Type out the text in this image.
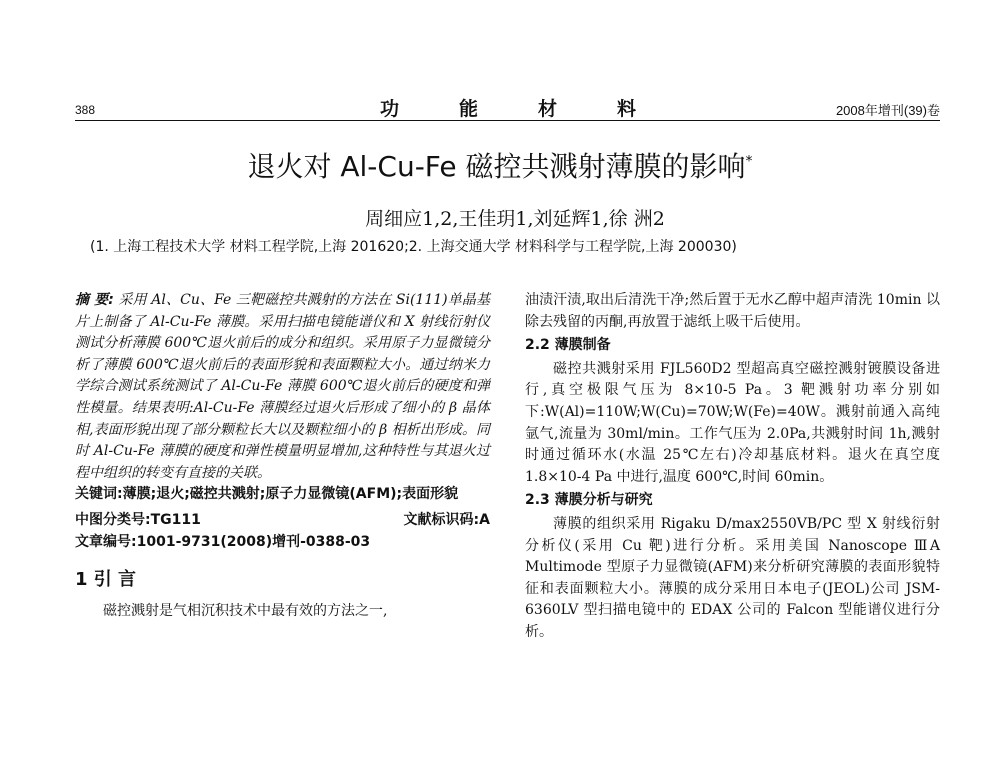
388	功能材料	2008年增刊(39)卷
退火对 Al-Cu-Fe 磁控共溅射薄膜的影响*
周细应1,2,王佳玥1,刘延辉1,徐 洲2
(1. 上海工程技术大学 材料工程学院,上海 201620;2. 上海交通大学 材料科学与工程学院,上海 200030)

摘 要: 采用 Al、Cu、Fe 三靶磁控共溅射的方法在 Si(111)单晶基片上制备了 Al-Cu-Fe 薄膜。采用扫描电镜能谱仪和 X 射线衍射仪测试分析薄膜 600℃退火前后的成分和组织。采用原子力显微镜分析了薄膜 600℃退火前后的表面形貌和表面颗粒大小。通过纳米力学综合测试系统测试了 Al-Cu-Fe 薄膜 600℃退火前后的硬度和弹性模量。结果表明:Al-Cu-Fe 薄膜经过退火后形成了细小的 β 晶体相,表面形貌出现了部分颗粒长大以及颗粒细小的 β 相析出形成。同时 Al-Cu-Fe 薄膜的硬度和弹性模量明显增加,这种特性与其退火过程中组织的转变有直接的关联。

关键词: 薄膜;退火;磁控共溅射;原子力显微镜(AFM);表面形貌
中图分类号:TG111	文献标识码:A
文章编号:1001-9731(2008)增刊-0388-03
1 引 言

磁控溅射是气相沉积技术中最有效的方法之一,

油渍汗渍,取出后清洗干净;然后置于无水乙醇中超声清洗 10min 以除去残留的丙酮,再放置于滤纸上吸干后使用。

2.2 薄膜制备

磁控共溅射采用 FJL560D2 型超高真空磁控溅射镀膜设备进行,真空极限气压为 8×10-5 Pa。3 靶溅射功率分别如下:W(Al)=110W;W(Cu)=70W;W(Fe)=40W。溅射前通入高纯氩气,流量为 30ml/min。工作气压为 2.0Pa,共溅射时间 1h,溅射时通过循环水(水温 25℃左右)冷却基底材料。退火在真空度 1.8×10-4 Pa 中进行,温度 600℃,时间 60min。

2.3 薄膜分析与研究

薄膜的组织采用 Rigaku D/max2550VB/PC 型 X 射线衍射分析仪(采用 Cu 靶)进行分析。采用美国 Nanoscope ⅢA Multimode 型原子力显微镜(AFM)来分析研究薄膜的表面形貌特征和表面颗粒大小。薄膜的成分采用日本电子(JEOL)公司 JSM-6360LV 型扫描电镜中的 EDAX 公司的 Falcon 型能谱仪进行分析。
